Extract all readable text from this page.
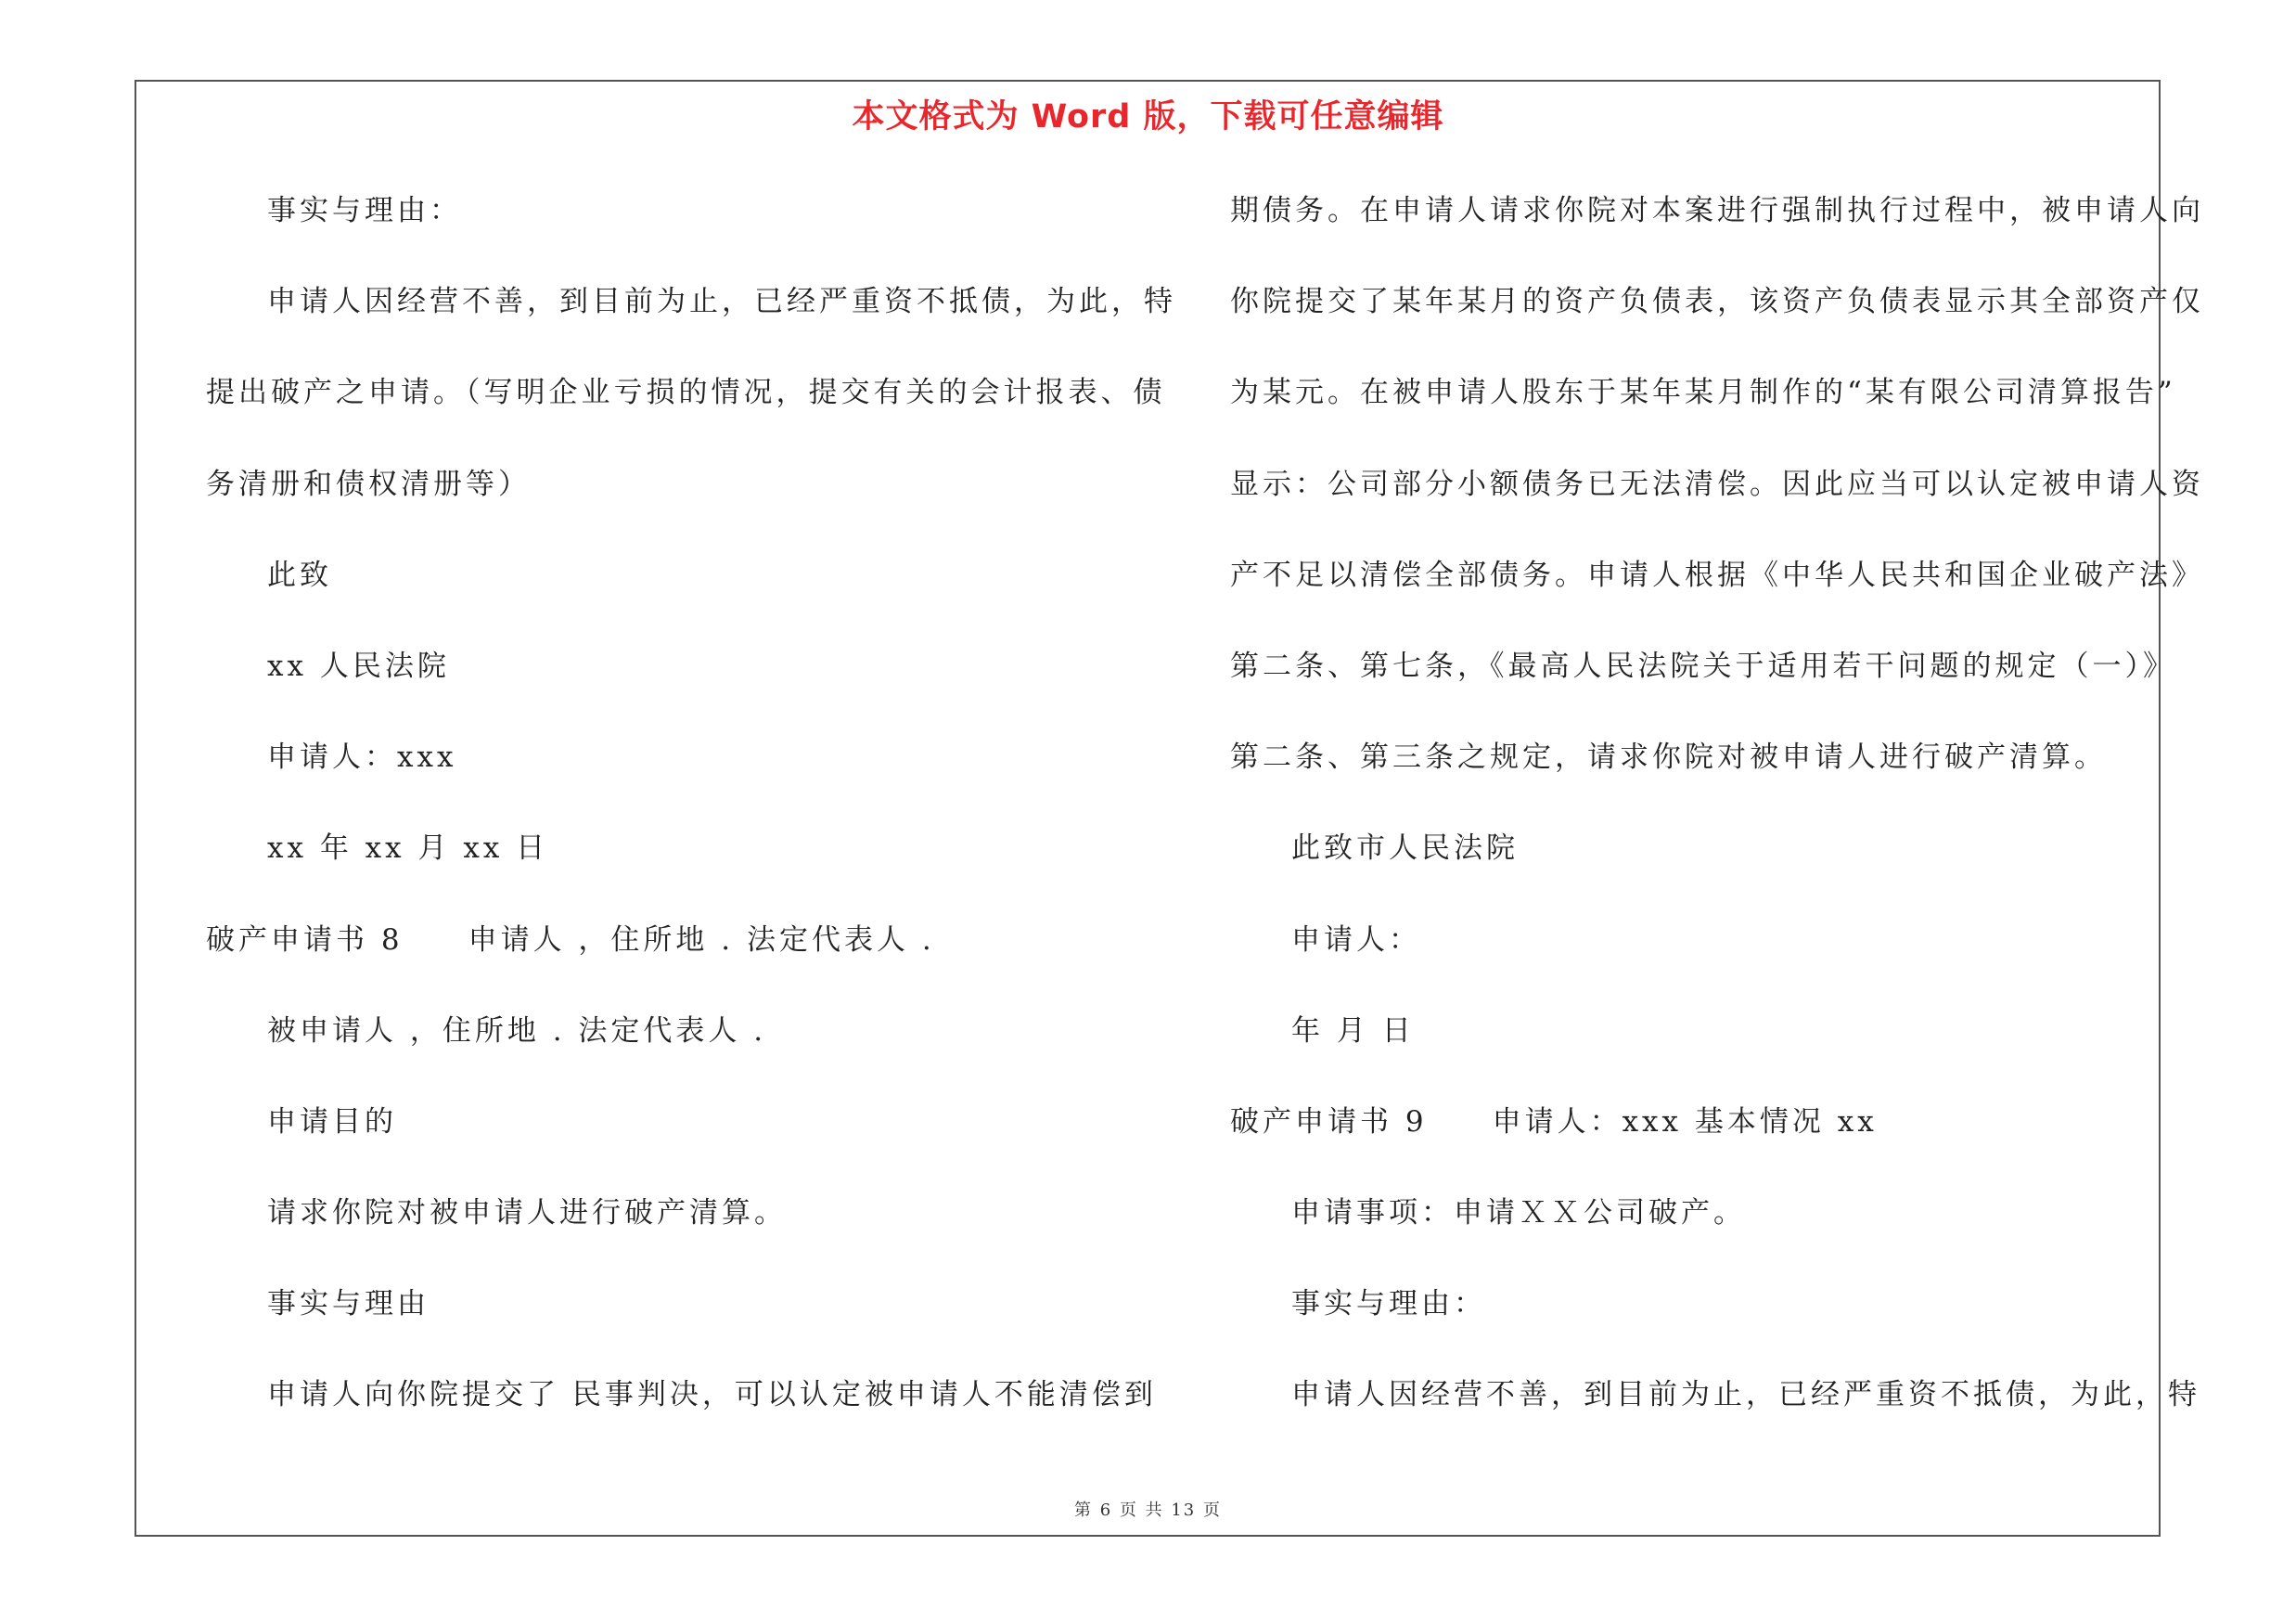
本文格式为 Word 版，下载可任意编辑
事实与理由：
申请人因经营不善，到目前为止，已经严重资不抵债，为此，特
提出破产之申请。（写明企业亏损的情况，提交有关的会计报表、债
务清册和债权清册等）
此致
xx 人民法院
申请人：xxx
xx 年 xx 月 xx 日
破产申请书 8　　申请人 ，住所地 . 法定代表人 .
被申请人 ，住所地 . 法定代表人 .
申请目的
请求你院对被申请人进行破产清算。
事实与理由
申请人向你院提交了 民事判决，可以认定被申请人不能清偿到
期债务。在申请人请求你院对本案进行强制执行过程中，被申请人向
你院提交了某年某月的资产负债表，该资产负债表显示其全部资产仅
为某元。在被申请人股东于某年某月制作的“某有限公司清算报告”
显示：公司部分小额债务已无法清偿。因此应当可以认定被申请人资
产不足以清偿全部债务。申请人根据《中华人民共和国企业破产法》
第二条、第七条，《最高人民法院关于适用若干问题的规定（一）》
第二条、第三条之规定，请求你院对被申请人进行破产清算。
此致市人民法院
申请人：
年 月 日
破产申请书 9　　申请人：xxx 基本情况 xx
申请事项：申请ＸＸ公司破产。
事实与理由：
申请人因经营不善，到目前为止，已经严重资不抵债，为此，特
第 6 页 共 13 页
